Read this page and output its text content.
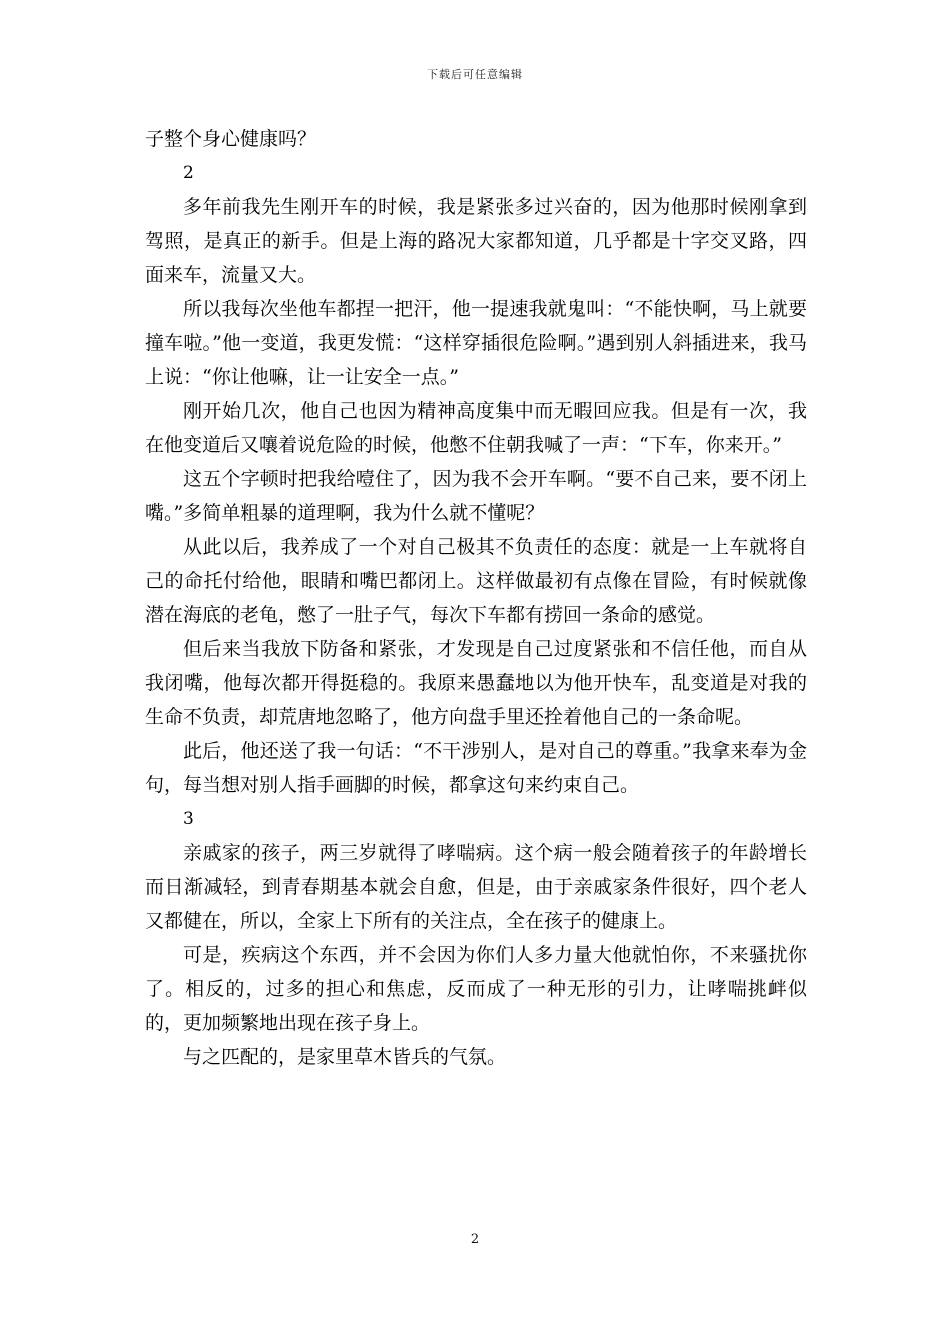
下载后可任意编辑

子整个身心健康吗？

2

多年前我先生刚开车的时候，我是紧张多过兴奋的，因为他那时候刚拿到驾照，是真正的新手。但是上海的路况大家都知道，几乎都是十字交叉路，四面来车，流量又大。

所以我每次坐他车都捏一把汗，他一提速我就鬼叫：“不能快啊，马上就要撞车啦。”他一变道，我更发慌：“这样穿插很危险啊。”遇到别人斜插进来，我马上说：“你让他嘛，让一让安全一点。”

刚开始几次，他自己也因为精神高度集中而无暇回应我。但是有一次，我在他变道后又嚷着说危险的时候，他憋不住朝我喊了一声：“下车，你来开。”

这五个字顿时把我给噎住了，因为我不会开车啊。“要不自己来，要不闭上嘴。”多简单粗暴的道理啊，我为什么就不懂呢？

从此以后，我养成了一个对自己极其不负责任的态度：就是一上车就将自己的命托付给他，眼睛和嘴巴都闭上。这样做最初有点像在冒险，有时候就像潜在海底的老龟，憋了一肚子气，每次下车都有捞回一条命的感觉。

但后来当我放下防备和紧张，才发现是自己过度紧张和不信任他，而自从我闭嘴，他每次都开得挺稳的。我原来愚蠢地以为他开快车，乱变道是对我的生命不负责，却荒唐地忽略了，他方向盘手里还拴着他自己的一条命呢。

此后，他还送了我一句话：“不干涉别人，是对自己的尊重。”我拿来奉为金句，每当想对别人指手画脚的时候，都拿这句来约束自己。

3

亲戚家的孩子，两三岁就得了哮喘病。这个病一般会随着孩子的年龄增长而日渐减轻，到青春期基本就会自愈，但是，由于亲戚家条件很好，四个老人又都健在，所以，全家上下所有的关注点，全在孩子的健康上。

可是，疾病这个东西，并不会因为你们人多力量大他就怕你，不来骚扰你了。相反的，过多的担心和焦虑，反而成了一种无形的引力，让哮喘挑衅似的，更加频繁地出现在孩子身上。

与之匹配的，是家里草木皆兵的气氛。

2
